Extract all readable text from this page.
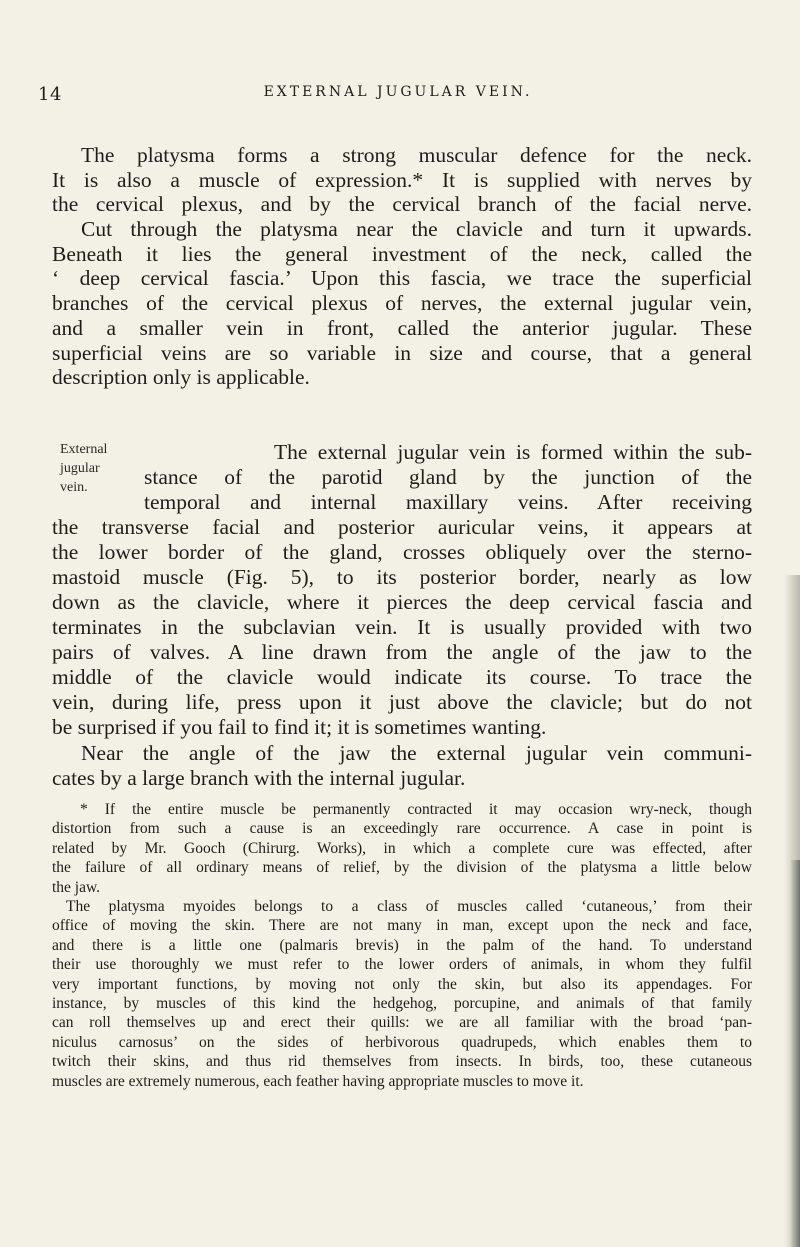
14	EXTERNAL JUGULAR VEIN.
The platysma forms a strong muscular defence for the neck.
It is also a muscle of expression.* It is supplied with nerves by
the cervical plexus, and by the cervical branch of the facial nerve.
Cut through the platysma near the clavicle and turn it upwards.
Beneath it lies the general investment of the neck, called the
‘ deep cervical fascia.’ Upon this fascia, we trace the superficial
branches of the cervical plexus of nerves, the external jugular vein,
and a smaller vein in front, called the anterior jugular. These
superficial veins are so variable in size and course, that a general
description only is applicable.
External
jugular
vein.
The external jugular vein is formed within the sub-
stance of the parotid gland by the junction of the
temporal and internal maxillary veins. After receiving
the transverse facial and posterior auricular veins, it appears at
the lower border of the gland, crosses obliquely over the sterno-
mastoid muscle (Fig. 5), to its posterior border, nearly as low
down as the clavicle, where it pierces the deep cervical fascia and
terminates in the subclavian vein. It is usually provided with two
pairs of valves. A line drawn from the angle of the jaw to the
middle of the clavicle would indicate its course. To trace the
vein, during life, press upon it just above the clavicle; but do not
be surprised if you fail to find it; it is sometimes wanting.
Near the angle of the jaw the external jugular vein communi-
cates by a large branch with the internal jugular.
* If the entire muscle be permanently contracted it may occasion wry-neck, though
distortion from such a cause is an exceedingly rare occurrence. A case in point is
related by Mr. Gooch (Chirurg. Works), in which a complete cure was effected, after
the failure of all ordinary means of relief, by the division of the platysma a little below
the jaw.
The platysma myoides belongs to a class of muscles called ‘cutaneous,’ from their
office of moving the skin. There are not many in man, except upon the neck and face,
and there is a little one (palmaris brevis) in the palm of the hand. To understand
their use thoroughly we must refer to the lower orders of animals, in whom they fulfil
very important functions, by moving not only the skin, but also its appendages. For
instance, by muscles of this kind the hedgehog, porcupine, and animals of that family
can roll themselves up and erect their quills: we are all familiar with the broad ‘pan-
niculus carnosus’ on the sides of herbivorous quadrupeds, which enables them to
twitch their skins, and thus rid themselves from insects. In birds, too, these cutaneous
muscles are extremely numerous, each feather having appropriate muscles to move it.
